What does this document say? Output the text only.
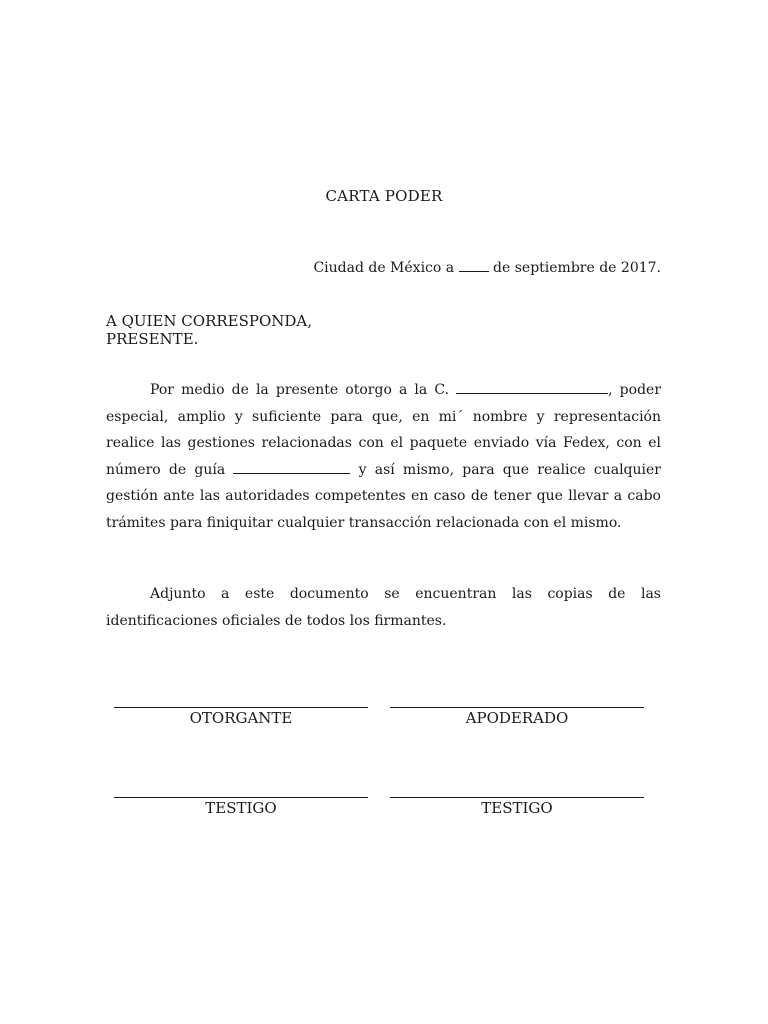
CARTA PODER
Ciudad de México a  de septiembre de 2017.
A QUIEN CORRESPONDA,
PRESENTE.

Por medio de la presente otorgo a la C.	, poder especial, amplio y suficiente para que, en mi´ nombre y representación realice las gestiones relacionadas con el paquete enviado vía Fedex, con el número de guía	y así mismo, para que realice cualquier gestión ante las autoridades competentes en caso de tener que llevar a cabo trámites para finiquitar cualquier transacción relacionada con el mismo.

Adjunto a este documento se encuentran las copias de las identificaciones oficiales de todos los firmantes.

OTORGANTE	APODERADO
TESTIGO	TESTIGO
